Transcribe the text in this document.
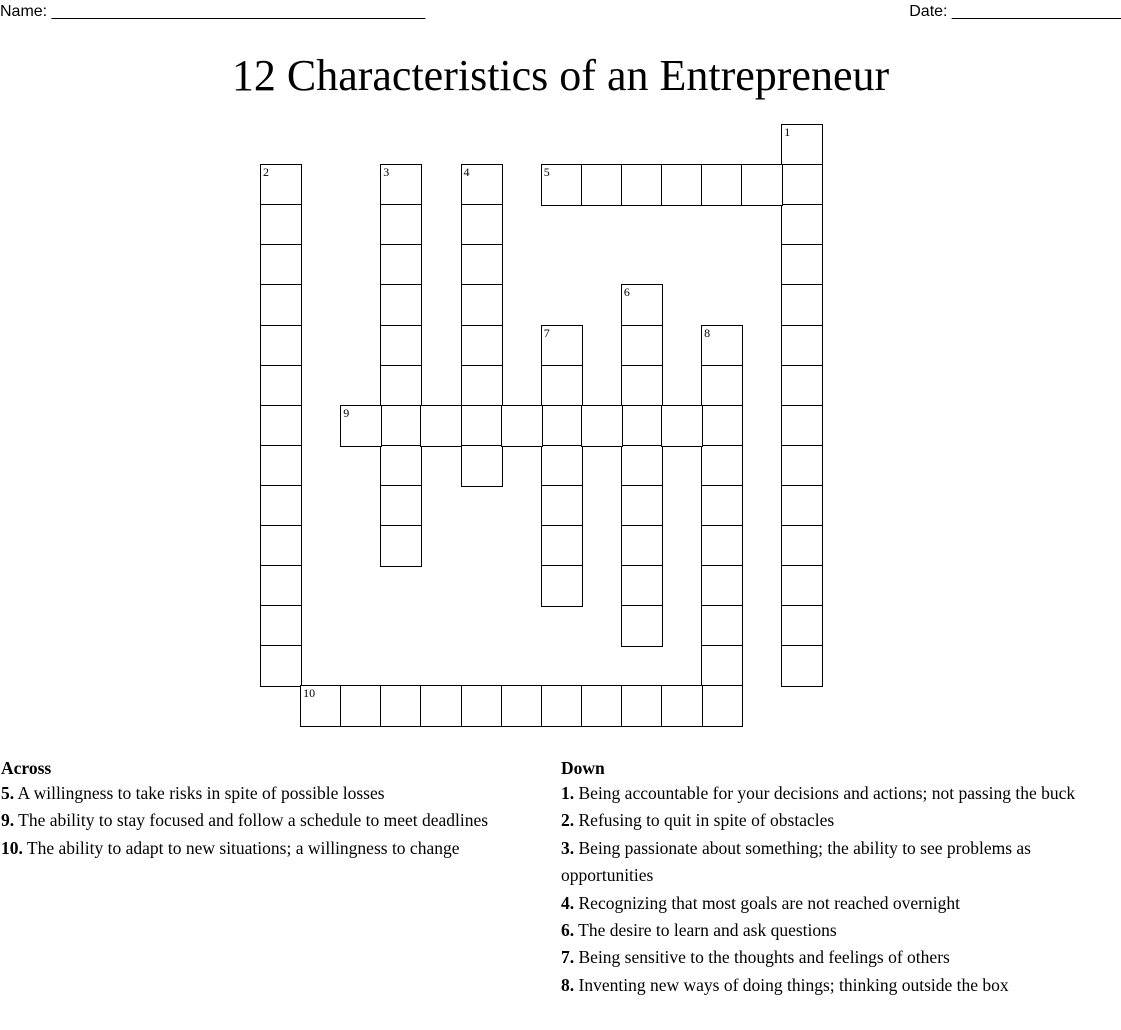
Name: __________________________________________	Date: ___________________
12 Characteristics of an Entrepreneur
1
2	3	4	5
6
7	8
9
10
Across
5. A willingness to take risks in spite of possible losses
9. The ability to stay focused and follow a schedule to meet deadlines
10. The ability to adapt to new situations; a willingness to change
Down
1. Being accountable for your decisions and actions; not passing the buck
2. Refusing to quit in spite of obstacles
3. Being passionate about something; the ability to see problems as opportunities
4. Recognizing that most goals are not reached overnight
6. The desire to learn and ask questions
7. Being sensitive to the thoughts and feelings of others
8. Inventing new ways of doing things; thinking outside the box
